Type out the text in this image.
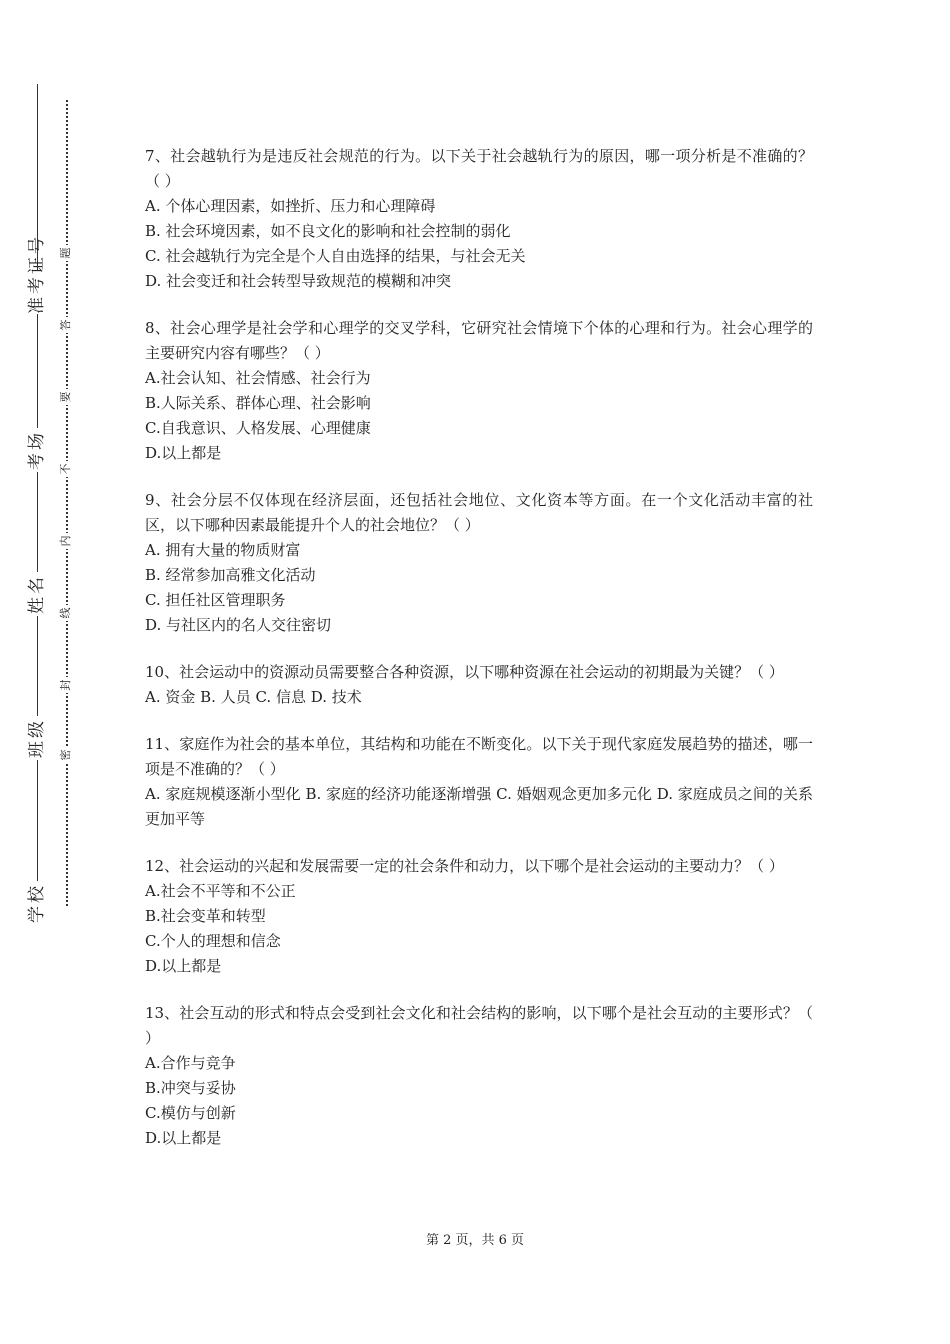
准考证号
考场
姓名
班级
学校
题
答
要
不
内
线
封
密

7、社会越轨行为是违反社会规范的行为。以下关于社会越轨行为的原因，哪一项分析是不准确的？（ ）

A. 个体心理因素，如挫折、压力和心理障碍

B. 社会环境因素，如不良文化的影响和社会控制的弱化

C. 社会越轨行为完全是个人自由选择的结果，与社会无关

D. 社会变迁和社会转型导致规范的模糊和冲突

8、社会心理学是社会学和心理学的交叉学科，它研究社会情境下个体的心理和行为。社会心理学的主要研究内容有哪些？（ ）

A.社会认知、社会情感、社会行为

B.人际关系、群体心理、社会影响

C.自我意识、人格发展、心理健康

D.以上都是

9、社会分层不仅体现在经济层面，还包括社会地位、文化资本等方面。在一个文化活动丰富的社区，以下哪种因素最能提升个人的社会地位？（ ）

A. 拥有大量的物质财富

B. 经常参加高雅文化活动

C. 担任社区管理职务

D. 与社区内的名人交往密切

10、社会运动中的资源动员需要整合各种资源，以下哪种资源在社会运动的初期最为关键？（ ）

A. 资金 B. 人员 C. 信息 D. 技术

11、家庭作为社会的基本单位，其结构和功能在不断变化。以下关于现代家庭发展趋势的描述，哪一项是不准确的？（ ）

A. 家庭规模逐渐小型化 B. 家庭的经济功能逐渐增强 C. 婚姻观念更加多元化 D. 家庭成员之间的关系更加平等

12、社会运动的兴起和发展需要一定的社会条件和动力，以下哪个是社会运动的主要动力？（ ）

A.社会不平等和不公正

B.社会变革和转型

C.个人的理想和信念

D.以上都是

13、社会互动的形式和特点会受到社会文化和社会结构的影响，以下哪个是社会互动的主要形式？（ ）

A.合作与竞争

B.冲突与妥协

C.模仿与创新

D.以上都是

第 2 页，共 6 页
